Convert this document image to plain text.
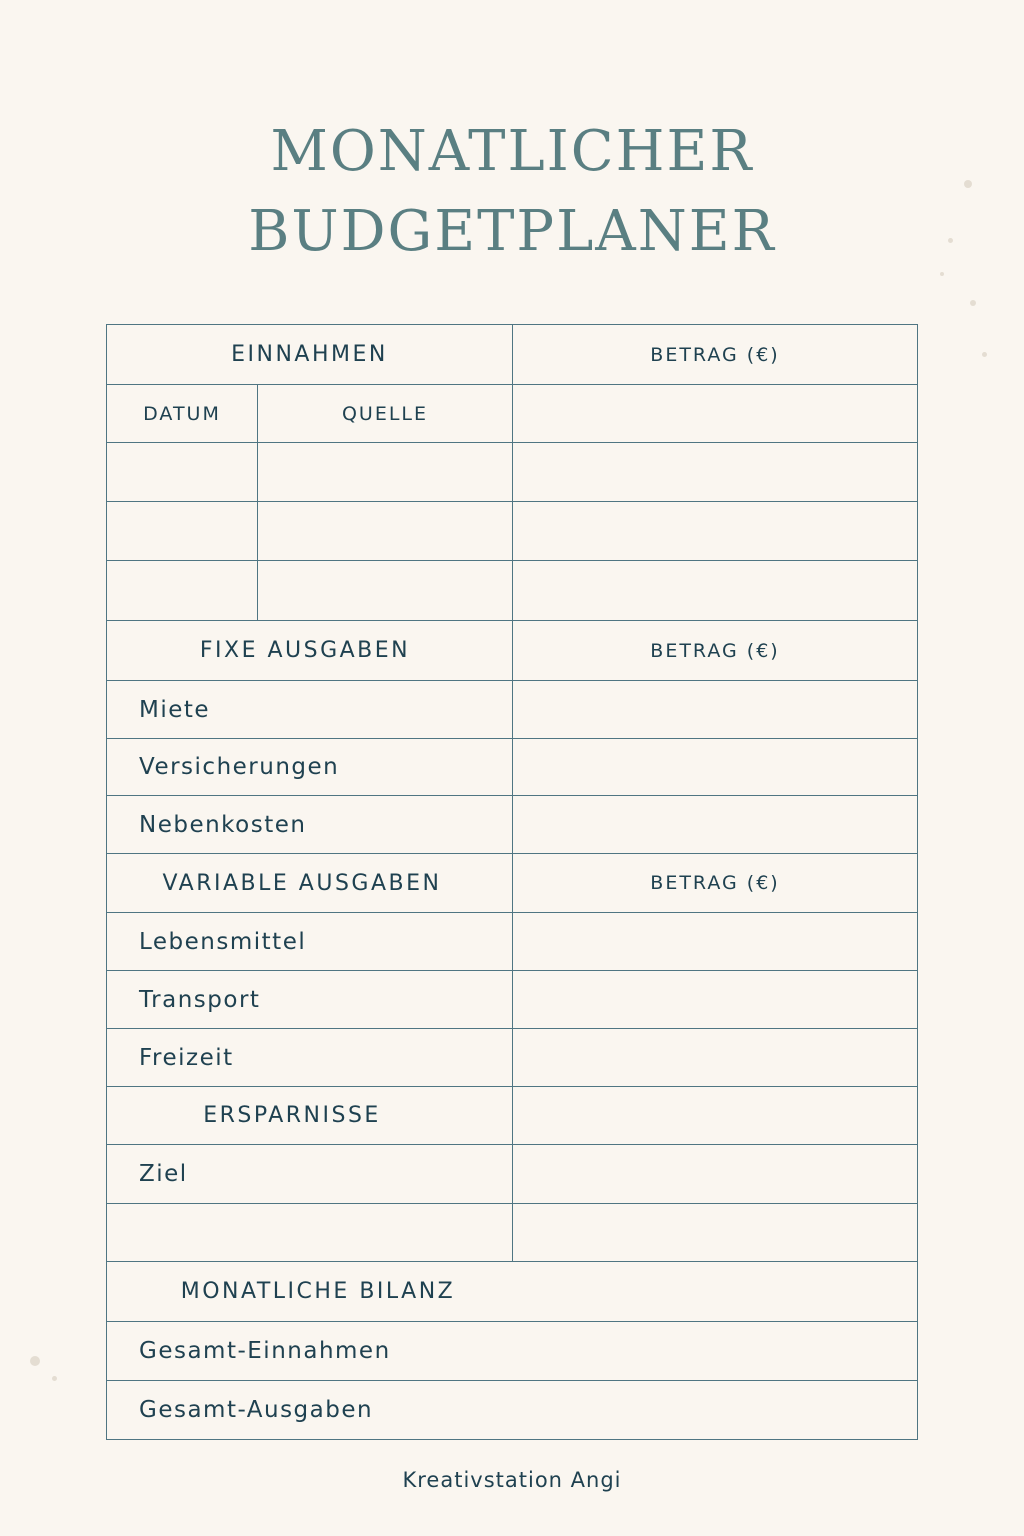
MONATLICHER
BUDGETPLANER
EINNAHMEN	BETRAG (€)
DATUM	QUELLE
FIXE AUSGABEN	BETRAG (€)
Miete
Versicherungen
Nebenkosten
VARIABLE AUSGABEN	BETRAG (€)
Lebensmittel
Transport
Freizeit
ERSPARNISSE
Ziel
MONATLICHE BILANZ
Gesamt-Einnahmen
Gesamt-Ausgaben
Kreativstation Angi
